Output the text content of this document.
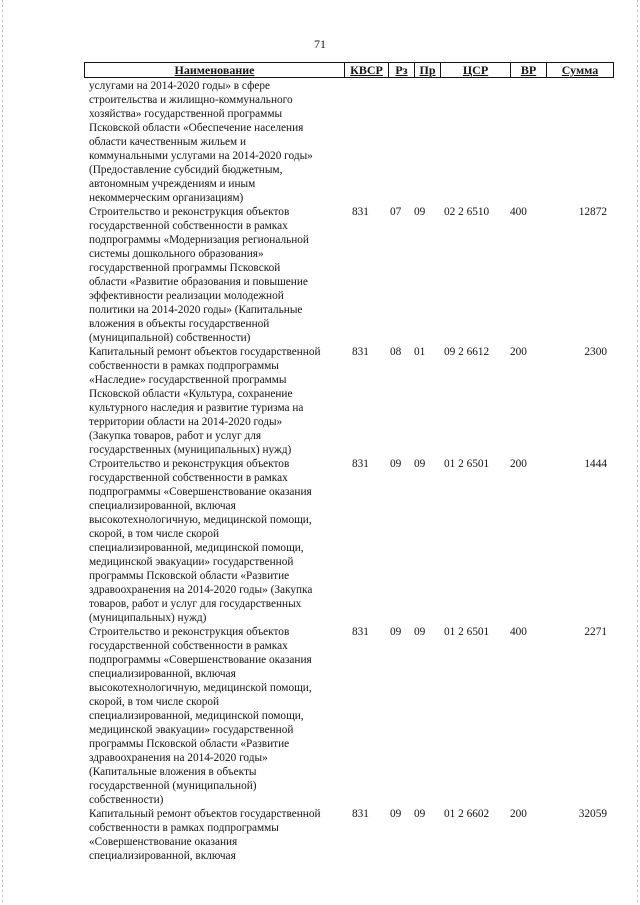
71
Наименование	КВСР	Рз Пр	ЦСР	ВР	Сумма
услугами на 2014-2020 годы» в сфере
строительства и жилищно-коммунального
хозяйства» государственной программы
Псковской области «Обеспечение населения
области качественным жильем и
коммунальными услугами на 2014-2020 годы»
(Предоставление субсидий бюджетным,
автономным учреждениям и иным
некоммерческим организациям)
Строительство и реконструкция объектов
государственной собственности в рамках
подпрограммы «Модернизация региональной
системы дошкольного образования»
государственной программы Псковской
области «Развитие образования и повышение
эффективности реализации молодежной
политики на 2014-2020 годы» (Капитальные
вложения в объекты государственной
(муниципальной) собственности)
831	07	09	02 2 6510	400	12872
Капитальный ремонт объектов государственной
собственности в рамках подпрограммы
«Наследие» государственной программы
Псковской области «Культура, сохранение
культурного наследия и развитие туризма на
территории области на 2014-2020 годы»
(Закупка товаров, работ и услуг для
государственных (муниципальных) нужд)
831	08	01	09 2 6612	200	2300
Строительство и реконструкция объектов
государственной собственности в рамках
подпрограммы «Совершенствование оказания
специализированной, включая
высокотехнологичную, медицинской помощи,
скорой, в том числе скорой
специализированной, медицинской помощи,
медицинской эвакуации» государственной
программы Псковской области «Развитие
здравоохранения на 2014-2020 годы» (Закупка
товаров, работ и услуг для государственных
(муниципальных) нужд)
831	09	09	01 2 6501	200	1444
Строительство и реконструкция объектов
государственной собственности в рамках
подпрограммы «Совершенствование оказания
специализированной, включая
высокотехнологичную, медицинской помощи,
скорой, в том числе скорой
специализированной, медицинской помощи,
медицинской эвакуации» государственной
программы Псковской области «Развитие
здравоохранения на 2014-2020 годы»
(Капитальные вложения в объекты
государственной (муниципальной)
собственности)
831	09	09	01 2 6501	400	2271
Капитальный ремонт объектов государственной
собственности в рамках подпрограммы
«Совершенствование оказания
специализированной, включая
831	09	09	01 2 6602	200	32059
